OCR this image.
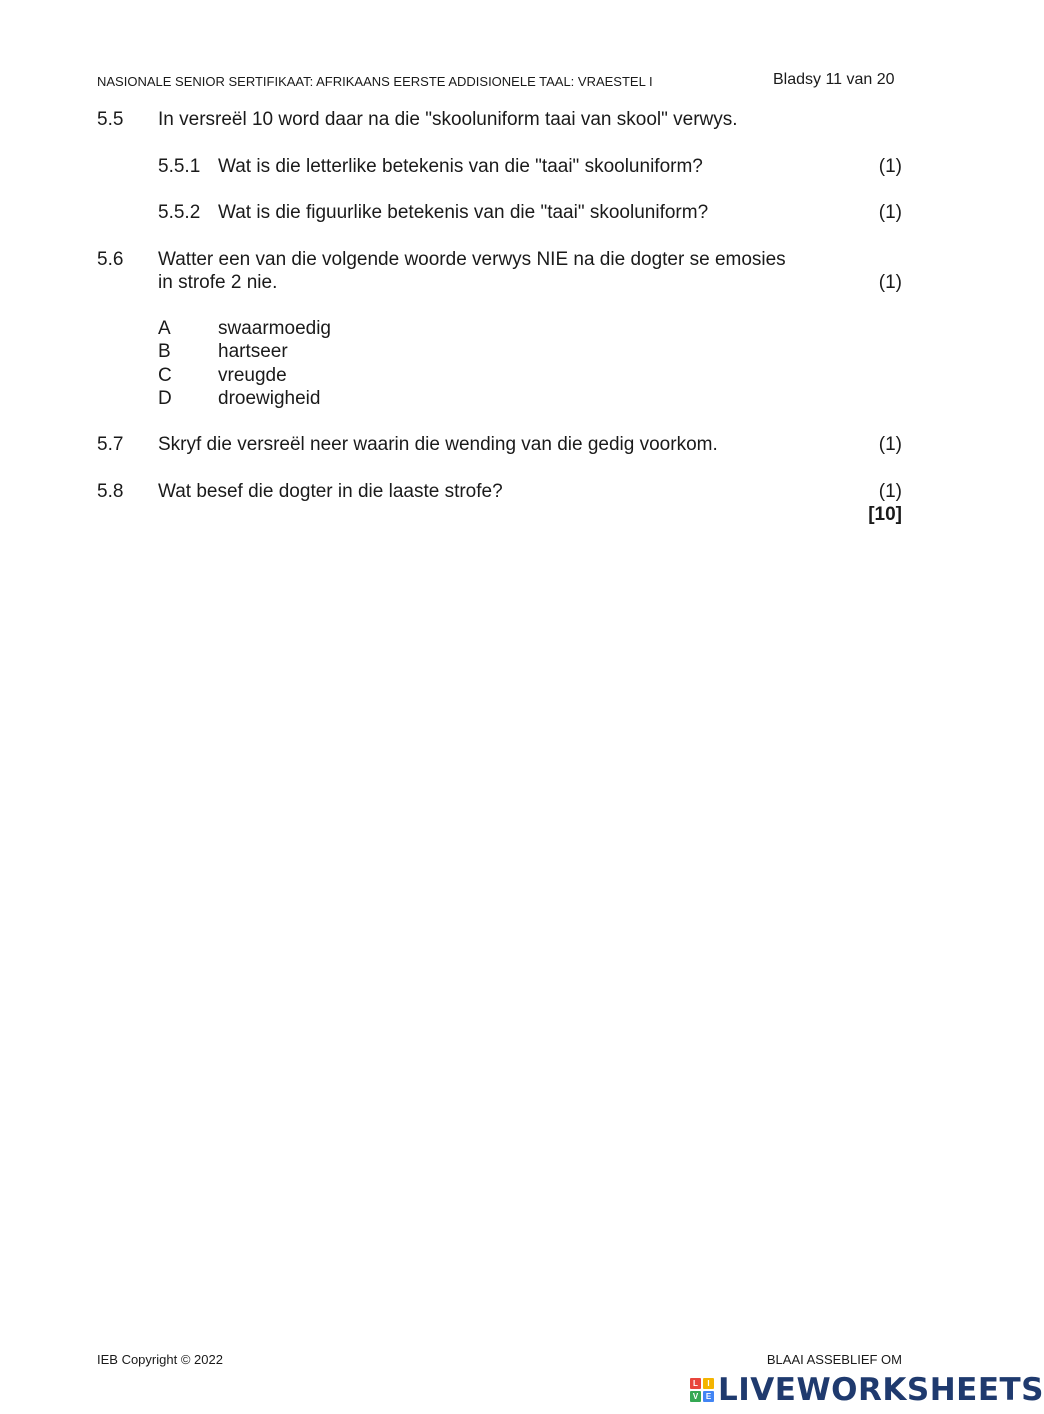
NASIONALE SENIOR SERTIFIKAAT: AFRIKAANS EERSTE ADDISIONELE TAAL: VRAESTEL I	Bladsy 11 van 20
5.5 In versreël 10 word daar na die "skooluniform taai van skool" verwys.
5.5.1 Wat is die letterlike betekenis van die "taai" skooluniform?	(1)
5.5.2 Wat is die figuurlike betekenis van die "taai" skooluniform?	(1)
5.6 Watter een van die volgende woorde verwys NIE na die dogter se emosies
in strofe 2 nie.	(1)
A swaarmoedig
B hartseer
C vreugde
D droewigheid
5.7 Skryf die versreël neer waarin die wending van die gedig voorkom.	(1)
5.8 Wat besef die dogter in die laaste strofe?	(1)
[10]
IEB Copyright © 2022	BLAAI ASSEBLIEF OM
L	I
V E LIVEWORKSHEETS
